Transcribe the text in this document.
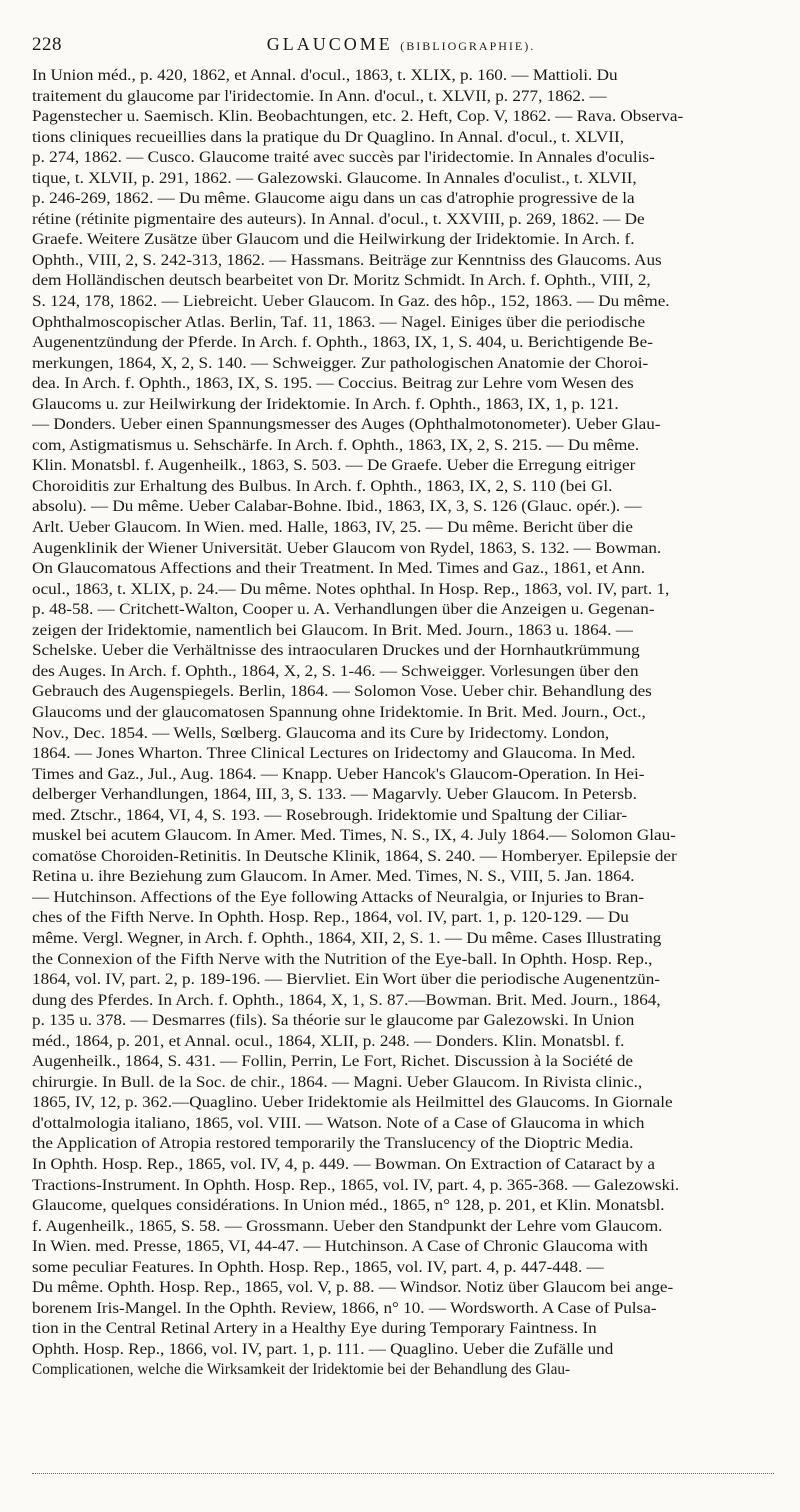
228	GLAUCOME (BIBLIOGRAPHIE).
In Union méd., p. 420, 1862, et Annal. d'ocul., 1863, t. XLIX, p. 160. — Mattioli. Du
traitement du glaucome par l'iridectomie. In Ann. d'ocul., t. XLVII, p. 277, 1862. —
Pagenstecher u. Saemisch. Klin. Beobachtungen, etc. 2. Heft, Cop. V, 1862. — Rava. Observa-
tions cliniques recueillies dans la pratique du Dr Quaglino. In Annal. d'ocul., t. XLVII,
p. 274, 1862. — Cusco. Glaucome traité avec succès par l'iridectomie. In Annales d'oculis-
tique, t. XLVII, p. 291, 1862. — Galezowski. Glaucome. In Annales d'oculist., t. XLVII,
p. 246-269, 1862. — Du même. Glaucome aigu dans un cas d'atrophie progressive de la
rétine (rétinite pigmentaire des auteurs). In Annal. d'ocul., t. XXVIII, p. 269, 1862. — De
Graefe. Weitere Zusätze über Glaucom und die Heilwirkung der Iridektomie. In Arch. f.
Ophth., VIII, 2, S. 242-313, 1862. — Hassmans. Beiträge zur Kenntniss des Glaucoms. Aus
dem Holländischen deutsch bearbeitet von Dr. Moritz Schmidt. In Arch. f. Ophth., VIII, 2,
S. 124, 178, 1862. — Liebreicht. Ueber Glaucom. In Gaz. des hôp., 152, 1863. — Du même.
Ophthalmoscopischer Atlas. Berlin, Taf. 11, 1863. — Nagel. Einiges über die periodische
Augenentzündung der Pferde. In Arch. f. Ophth., 1863, IX, 1, S. 404, u. Berichtigende Be-
merkungen, 1864, X, 2, S. 140. — Schweigger. Zur pathologischen Anatomie der Choroi-
dea. In Arch. f. Ophth., 1863, IX, S. 195. — Coccius. Beitrag zur Lehre vom Wesen des
Glaucoms u. zur Heilwirkung der Iridektomie. In Arch. f. Ophth., 1863, IX, 1, p. 121.
— Donders. Ueber einen Spannungsmesser des Auges (Ophthalmotonometer). Ueber Glau-
com, Astigmatismus u. Sehschärfe. In Arch. f. Ophth., 1863, IX, 2, S. 215. — Du même.
Klin. Monatsbl. f. Augenheilk., 1863, S. 503. — De Graefe. Ueber die Erregung eitriger
Choroiditis zur Erhaltung des Bulbus. In Arch. f. Ophth., 1863, IX, 2, S. 110 (bei Gl.
absolu). — Du même. Ueber Calabar-Bohne. Ibid., 1863, IX, 3, S. 126 (Glauc. opér.). —
Arlt. Ueber Glaucom. In Wien. med. Halle, 1863, IV, 25. — Du même. Bericht über die
Augenklinik der Wiener Universität. Ueber Glaucom von Rydel, 1863, S. 132. — Bowman.
On Glaucomatous Affections and their Treatment. In Med. Times and Gaz., 1861, et Ann.
ocul., 1863, t. XLIX, p. 24.— Du même. Notes ophthal. In Hosp. Rep., 1863, vol. IV, part. 1,
p. 48-58. — Critchett-Walton, Cooper u. A. Verhandlungen über die Anzeigen u. Gegenan-
zeigen der Iridektomie, namentlich bei Glaucom. In Brit. Med. Journ., 1863 u. 1864. —
Schelske. Ueber die Verhältnisse des intraocularen Druckes und der Hornhautkrümmung
des Auges. In Arch. f. Ophth., 1864, X, 2, S. 1-46. — Schweigger. Vorlesungen über den
Gebrauch des Augenspiegels. Berlin, 1864. — Solomon Vose. Ueber chir. Behandlung des
Glaucoms und der glaucomatosen Spannung ohne Iridektomie. In Brit. Med. Journ., Oct.,
Nov., Dec. 1854. — Wells, Sœlberg. Glaucoma and its Cure by Iridectomy. London,
1864. — Jones Wharton. Three Clinical Lectures on Iridectomy and Glaucoma. In Med.
Times and Gaz., Jul., Aug. 1864. — Knapp. Ueber Hancok's Glaucom-Operation. In Hei-
delberger Verhandlungen, 1864, III, 3, S. 133. — Magarvly. Ueber Glaucom. In Petersb.
med. Ztschr., 1864, VI, 4, S. 193. — Rosebrough. Iridektomie und Spaltung der Ciliar-
muskel bei acutem Glaucom. In Amer. Med. Times, N. S., IX, 4. July 1864.— Solomon Glau-
comatöse Choroiden-Retinitis. In Deutsche Klinik, 1864, S. 240. — Homberyer. Epilepsie der
Retina u. ihre Beziehung zum Glaucom. In Amer. Med. Times, N. S., VIII, 5. Jan. 1864.
— Hutchinson. Affections of the Eye following Attacks of Neuralgia, or Injuries to Bran-
ches of the Fifth Nerve. In Ophth. Hosp. Rep., 1864, vol. IV, part. 1, p. 120-129. — Du
même. Vergl. Wegner, in Arch. f. Ophth., 1864, XII, 2, S. 1. — Du même. Cases Illustrating
the Connexion of the Fifth Nerve with the Nutrition of the Eye-ball. In Ophth. Hosp. Rep.,
1864, vol. IV, part. 2, p. 189-196. — Biervliet. Ein Wort über die periodische Augenentzün-
dung des Pferdes. In Arch. f. Ophth., 1864, X, 1, S. 87.—Bowman. Brit. Med. Journ., 1864,
p. 135 u. 378. — Desmarres (fils). Sa théorie sur le glaucome par Galezowski. In Union
méd., 1864, p. 201, et Annal. ocul., 1864, XLII, p. 248. — Donders. Klin. Monatsbl. f.
Augenheilk., 1864, S. 431. — Follin, Perrin, Le Fort, Richet. Discussion à la Société de
chirurgie. In Bull. de la Soc. de chir., 1864. — Magni. Ueber Glaucom. In Rivista clinic.,
1865, IV, 12, p. 362.—Quaglino. Ueber Iridektomie als Heilmittel des Glaucoms. In Giornale
d'ottalmologia italiano, 1865, vol. VIII. — Watson. Note of a Case of Glaucoma in which
the Application of Atropia restored temporarily the Translucency of the Dioptric Media.
In Ophth. Hosp. Rep., 1865, vol. IV, 4, p. 449. — Bowman. On Extraction of Cataract by a
Tractions-Instrument. In Ophth. Hosp. Rep., 1865, vol. IV, part. 4, p. 365-368. — Galezowski.
Glaucome, quelques considérations. In Union méd., 1865, n° 128, p. 201, et Klin. Monatsbl.
f. Augenheilk., 1865, S. 58. — Grossmann. Ueber den Standpunkt der Lehre vom Glaucom.
In Wien. med. Presse, 1865, VI, 44-47. — Hutchinson. A Case of Chronic Glaucoma with
some peculiar Features. In Ophth. Hosp. Rep., 1865, vol. IV, part. 4, p. 447-448. —
Du même. Ophth. Hosp. Rep., 1865, vol. V, p. 88. — Windsor. Notiz über Glaucom bei ange-
borenem Iris-Mangel. In the Ophth. Review, 1866, n° 10. — Wordsworth. A Case of Pulsa-
tion in the Central Retinal Artery in a Healthy Eye during Temporary Faintness. In
Ophth. Hosp. Rep., 1866, vol. IV, part. 1, p. 111. — Quaglino. Ueber die Zufälle und
Complicationen, welche die Wirksamkeit der Iridektomie bei der Behandlung des Glau-
